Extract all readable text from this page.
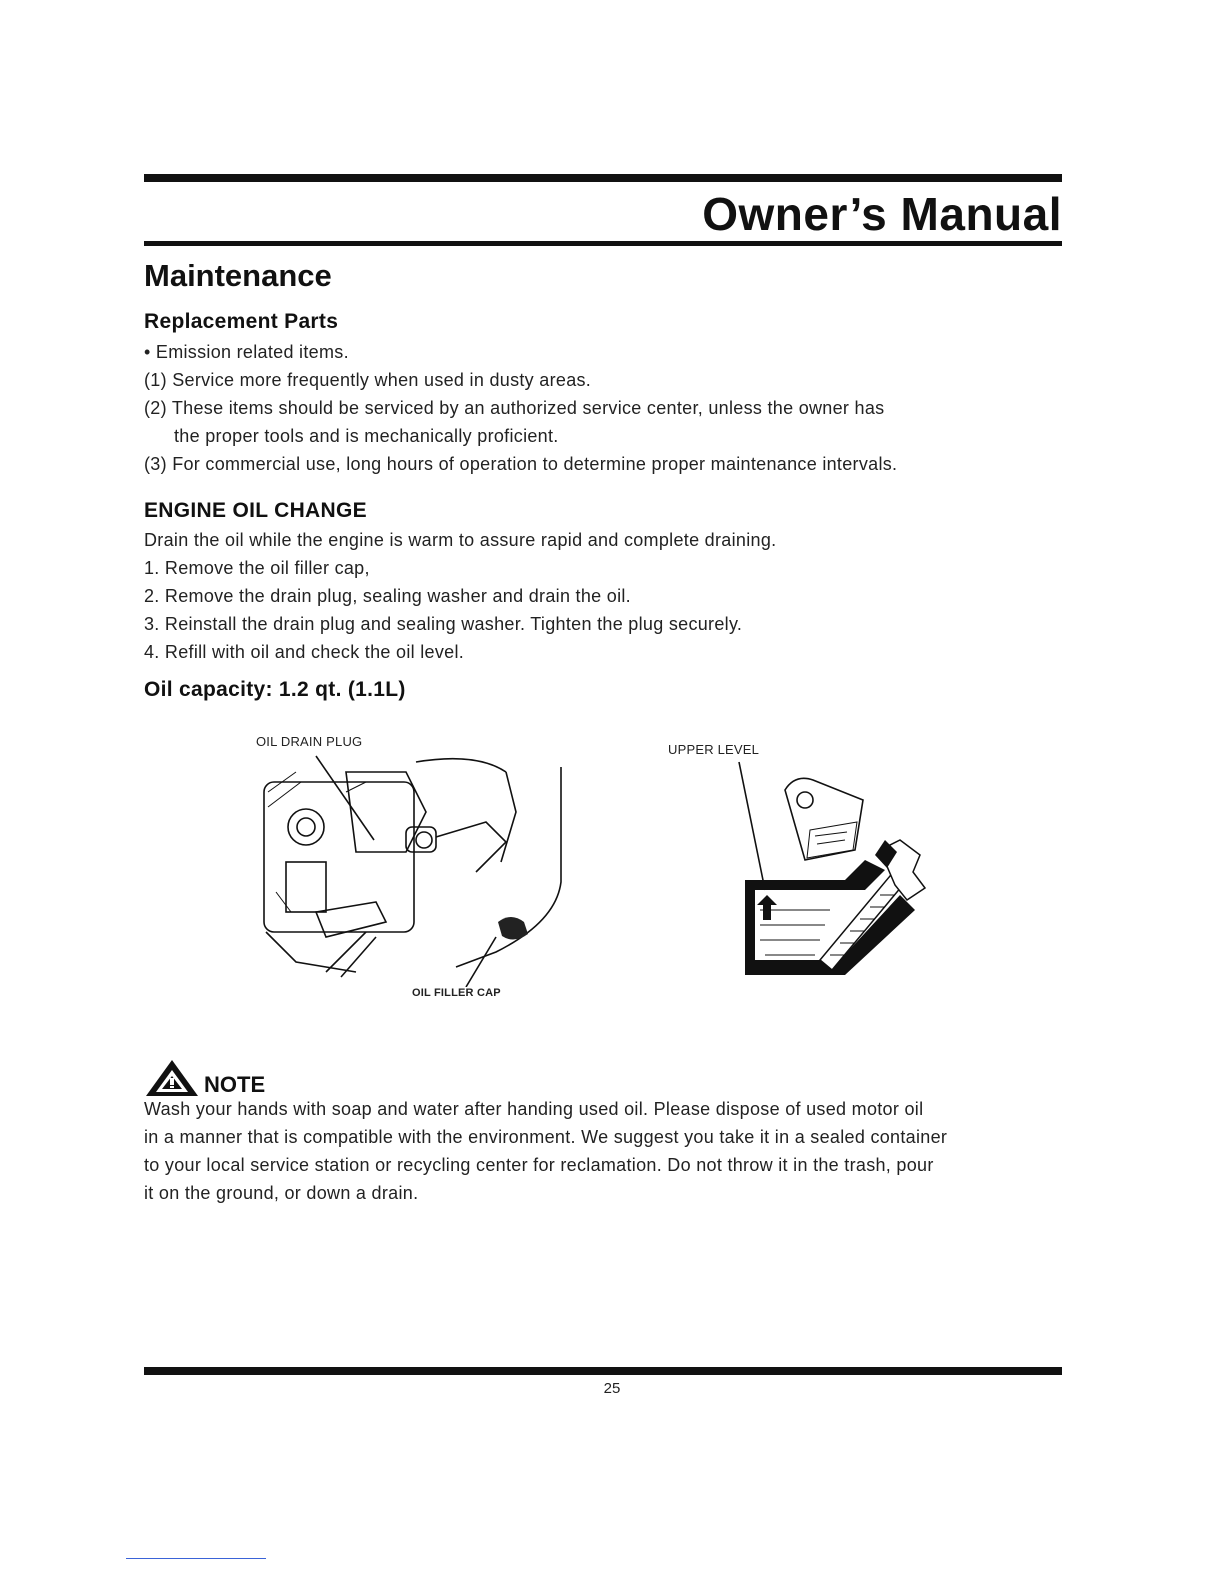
Owner’s Manual
Maintenance
Replacement Parts

• Emission related items.

(1) Service more frequently when used in dusty areas.

(2) These items should be serviced by an authorized service center, unless the owner has

the proper tools and is mechanically proficient.

(3) For commercial use, long hours of operation to determine proper maintenance intervals.

ENGINE OIL CHANGE

Drain the oil while the engine is warm to assure rapid and complete draining.

1. Remove the oil filler cap,

2. Remove the drain plug, sealing washer and drain the oil.

3. Reinstall the drain plug and sealing washer. Tighten the plug securely.

4. Refill with oil and check the oil level.

Oil capacity: 1.2 qt. (1.1L)
OIL DRAIN PLUG
OIL FILLER CAP
UPPER LEVEL
NOTE

Wash your hands with soap and water after handing used oil. Please dispose of used motor oil

in a manner that is compatible with the environment. We suggest you take it in a sealed container

to your local service station or recycling center for reclamation. Do not throw it in the trash, pour

it on the ground, or down a drain.

25
